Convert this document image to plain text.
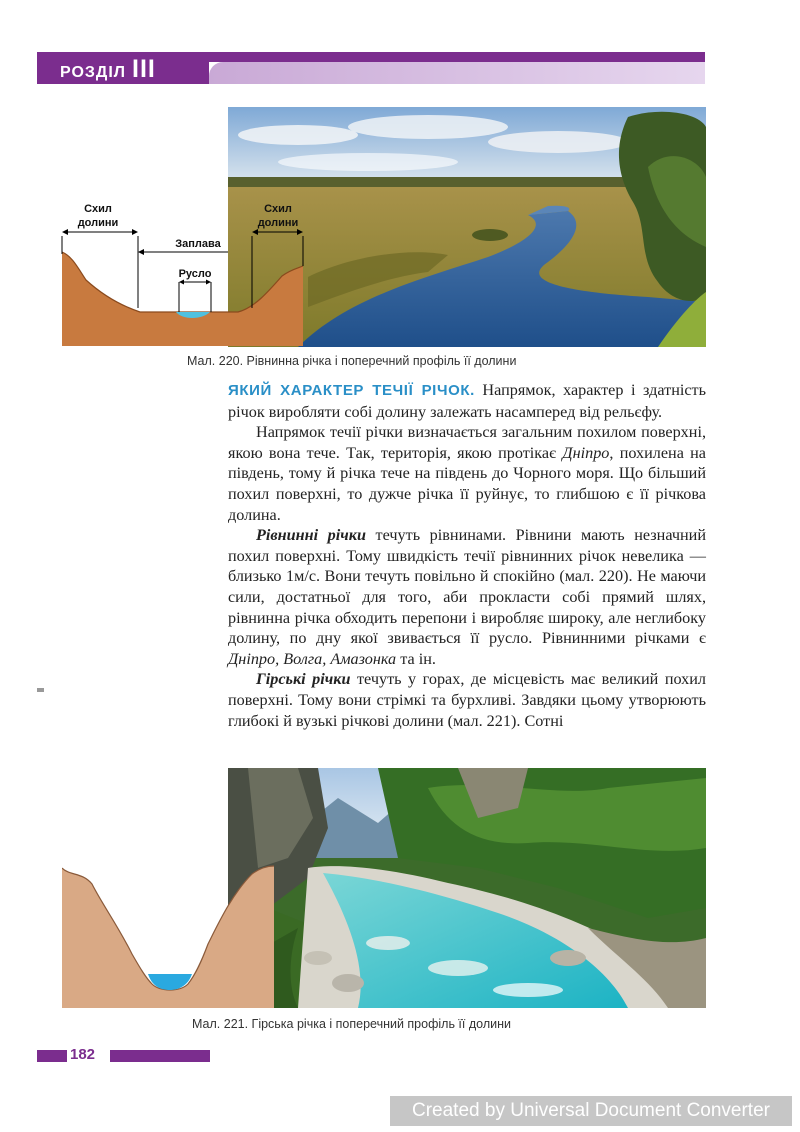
РОЗДІЛ III
Схил
долини
Схил
долини
Заплава
Русло
Мал. 220. Рівнинна річка і поперечний профіль її долини

ЯКИЙ ХАРАКТЕР ТЕЧІЇ РІЧОК. Напрямок, характер і здатність річок виробляти собі долину залежать насамперед від рельєфу.

Напрямок течії річки визначається загальним похилом поверхні, якою вона тече. Так, територія, якою протікає Дніпро, похилена на південь, тому й річка тече на південь до Чорного моря. Що більший похил поверхні, то дужче річка її руйнує, то глибшою є її річкова долина.

Рівнинні річки течуть рівнинами. Рівнини мають незначний похил поверхні. Тому швидкість течії рівнинних річок невелика — близько 1м/с. Вони течуть повільно й спокійно (мал. 220). Не маючи сили, достатньої для того, аби прокласти собі прямий шлях, рівнинна річка обходить перепони і виробляє широку, але неглибоку долину, по дну якої звивається її русло. Рівнинними річками є Дніпро, Волга, Амазонка та ін.

Гірські річки течуть у горах, де місцевість має великий похил поверхні. Тому вони стрімкі та бурхливі. Завдяки цьому утворюють глибокі й вузькі річкові долини (мал. 221). Сотні

Мал. 221. Гірська річка і поперечний профіль її долини
182
Created by Universal Document Converter
